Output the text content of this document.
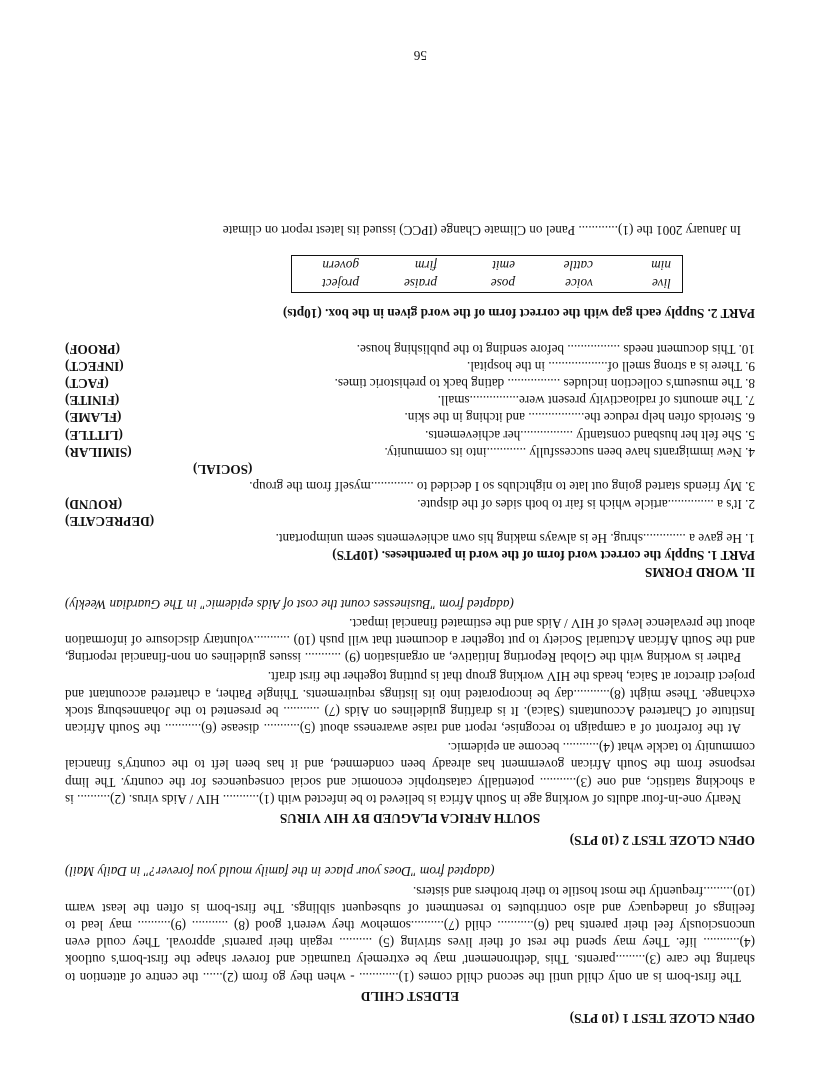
OPEN CLOZE TEST 1 (10 PTS)

ELDEST CHILD

The first-born is an only child until the second child comes (1)............ - when they go from (2)...... the centre of attention to sharing the care (3).........parents. This 'dethronement' may be extremely traumatic and forever shape the first-born's outlook (4)........... life. They may spend the rest of their lives striving (5) .......... regain their parents' approval. They could even unconsciously feel their parents had (6)........... child (7)..........somehow they weren't good (8) ........... (9).......... may lead to feelings of inadequacy and also contributes to resentment of subsequent siblings. The first-born is often the least warm (10).........frequently the most hostile to their brothers and sisters.

(adapted from "Does your place in the family mould you forever?" in Daily Mail)

OPEN CLOZE TEST 2 (10 PTS)

SOUTH AFRICA PLAGUED BY HIV VIRUS

Nearly one-in-four adults of working age in South Africa is believed to be infected with (1)........... HIV / Aids virus. (2).......... is a shocking statistic, and one (3)........... potentially catastrophic economic and social consequences for the country. The limp response from the South African government has already been condemned, and it has been left to the country's financial community to tackle what (4)........... become an epidemic.

At the forefront of a campaign to recognise, report and raise awareness about (5)........... disease (6)........... the South African Institute of Chartered Accountants (Saica). It is drafting guidelines on Aids (7) ........... be presented to the Johannesburg stock exchange. These might (8)...........day be incorporated into its listings requirements. Thingle Pather, a chartered accountant and project director at Saica, heads the HIV working group that is putting together the first draft.

Pather is working with the Global Reporting Initiative, an organisation (9) ........... issues guidelines on non-financial reporting, and the South African Actuarial Society to put together a document that will push (10) ...........voluntary disclosure of information about the prevalence levels of HIV / Aids and the estimated financial impact.

(adapted from "Businesses count the cost of Aids epidemic" in The Guardian Weekly)

II. WORD FORMS

PART 1. Supply the correct word form of the word in parentheses. (10PTS)

1. He gave a .............shrug. He is always making his own achievements seem unimportant.
(DEPRECATE)
2. It's a ..............article which is fair to both sides of the dispute.
(ROUND)
3. My friends started going out late to nightclubs so I decided to .............myself from the group.
(SOCIAL)
4. New immigrants have been successfully ............into its community.
(SIMILAR)
5. She felt her husband constantly ................her achievements.
(LITTLE)
6. Steroids often help reduce the................. and itching in the skin.
(FLAME)
7. The amounts of radioactivity present were...............small.
(FINITE)
8. The museum's collection includes ................ dating back to prehistoric times.
(FACT)
9. There is a strong smell of.................. in the hospital.
(INFECT)
10. This document needs ................ before sending to the publishing house.
(PROOF)

PART 2. Supply each gap with the correct form of the word given in the box. (10pts)

live	voice	pose	praise	project
nim	cattle	emit	firm	govern

In January 2001 the (1)............ Panel on Climate Change (IPCC) issued its latest report on climate

56
